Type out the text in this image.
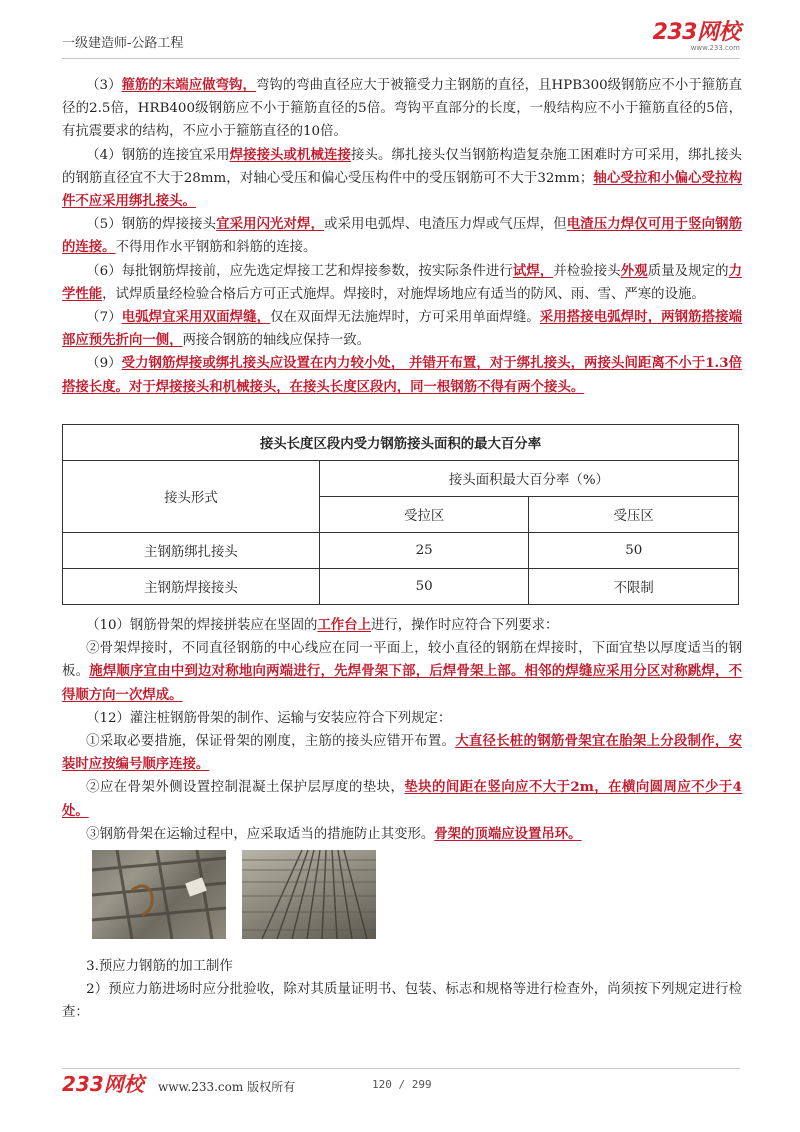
一级建造师-公路工程	233网校
www.233.com
（3）箍筋的末端应做弯钩，弯钩的弯曲直径应大于被箍受力主钢筋的直径，且HPB300级钢筋应不小于箍筋直径的2.5倍，HRB400级钢筋应不小于箍筋直径的5倍。弯钩平直部分的长度，一般结构应不小于箍筋直径的5倍，有抗震要求的结构，不应小于箍筋直径的10倍。
（4）钢筋的连接宜采用焊接接头或机械连接接头。绑扎接头仅当钢筋构造复杂施工困难时方可采用，绑扎接头的钢筋直径宜不大于28mm，对轴心受压和偏心受压构件中的受压钢筋可不大于32mm；轴心受拉和小偏心受拉构件不应采用绑扎接头。
（5）钢筋的焊接接头宜采用闪光对焊，或采用电弧焊、电渣压力焊或气压焊，但电渣压力焊仅可用于竖向钢筋的连接。不得用作水平钢筋和斜筋的连接。
（6）每批钢筋焊接前，应先选定焊接工艺和焊接参数，按实际条件进行试焊，并检验接头外观质量及规定的力学性能，试焊质量经检验合格后方可正式施焊。焊接时，对施焊场地应有适当的防风、雨、雪、严寒的设施。
（7）电弧焊宜采用双面焊缝，仅在双面焊无法施焊时，方可采用单面焊缝。采用搭接电弧焊时，两钢筋搭接端部应预先折向一侧，两接合钢筋的轴线应保持一致。
（9）受力钢筋焊接或绑扎接头应设置在内力较小处， 并错开布置，对于绑扎接头，两接头间距离不小于1.3倍搭接长度。对于焊接接头和机械接头，在接头长度区段内，同一根钢筋不得有两个接头。
接头长度区段内受力钢筋接头面积的最大百分率		
接头形式	接头面积最大百分率（%）	
	受拉区	受压区
主钢筋绑扎接头	25	50
主钢筋焊接接头	50	不限制
（10）钢筋骨架的焊接拼装应在坚固的工作台上进行，操作时应符合下列要求：
②骨架焊接时，不同直径钢筋的中心线应在同一平面上，较小直径的钢筋在焊接时，下面宜垫以厚度适当的钢板。施焊顺序宜由中到边对称地向两端进行，先焊骨架下部，后焊骨架上部。相邻的焊缝应采用分区对称跳焊，不得顺方向一次焊成。
（12）灌注桩钢筋骨架的制作、运输与安装应符合下列规定：
①采取必要措施，保证骨架的刚度，主筋的接头应错开布置。大直径长桩的钢筋骨架宜在胎架上分段制作，安装时应按编号顺序连接。
②应在骨架外侧设置控制混凝土保护层厚度的垫块，垫块的间距在竖向应不大于2m，在横向圆周应不少于4处。
③钢筋骨架在运输过程中，应采取适当的措施防止其变形。骨架的顶端应设置吊环。
3.预应力钢筋的加工制作
2）预应力筋进场时应分批验收，除对其质量证明书、包装、标志和规格等进行检查外，尚须按下列规定进行检查：
233网校 www.233.com 版权所有	120 / 299
